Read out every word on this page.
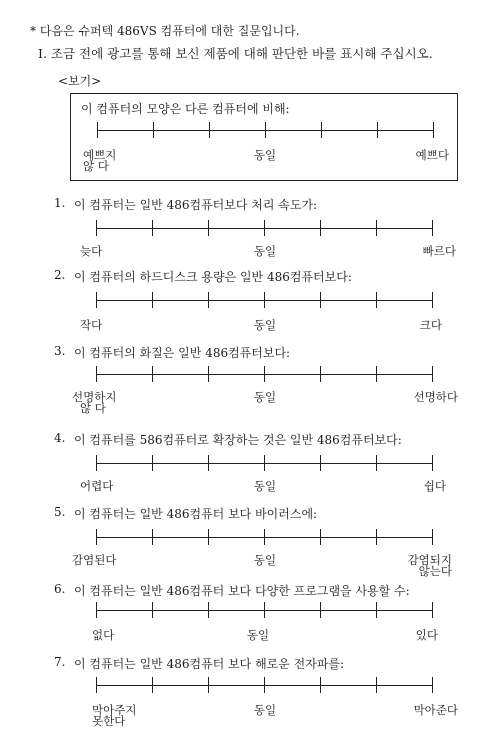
* 다음은 슈퍼텍 486VS 컴퓨터에 대한 질문입니다.
I. 조금 전에 광고를 통해 보신 제품에 대해 판단한 바를 표시해 주십시오.
<보기>
이 컴퓨터의 모양은 다른 컴퓨터에 비해:
예쁘지
않 다
동일	예쁘다
1. 이 컴퓨터는 일반 486컴퓨터보다 처리 속도가:
늦다	동일	빠르다
2. 이 컴퓨터의 하드디스크 용량은 일반 486컴퓨터보다:
작다	동일	크다
3. 이 컴퓨터의 화질은 일반 486컴퓨터보다:
선명하지
않 다
동일	선명하다
4. 이 컴퓨터를 586컴퓨터로 확장하는 것은 일반 486컴퓨터보다:
어렵다	동일	쉽다
5. 이 컴퓨터는 일반 486컴퓨터 보다 바이러스에:
감염된다	동일	감염되지
않는다
6. 이 컴퓨터는 일반 486컴퓨터 보다 다양한 프로그램을 사용할 수:
없다	동일	있다
7. 이 컴퓨터는 일반 486컴퓨터 보다 해로운 전자파를:
막아주지
못한다
동일	막아준다
